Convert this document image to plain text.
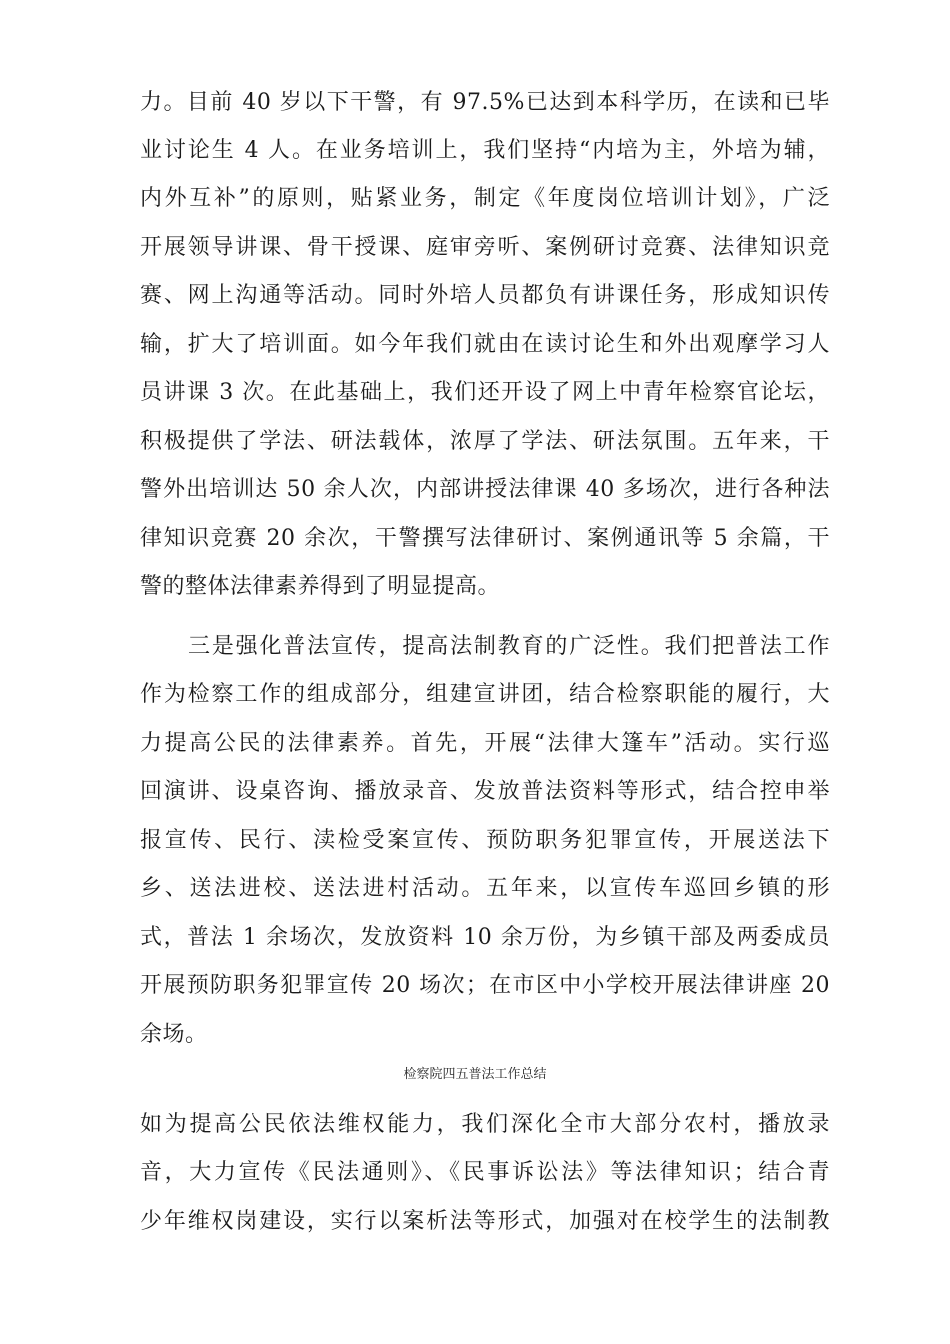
力。目前 40 岁以下干警，有 97.5%已达到本科学历，在读和已毕
业讨论生 4 人。在业务培训上，我们坚持“内培为主，外培为辅，
内外互补”的原则，贴紧业务，制定《年度岗位培训计划》，广泛
开展领导讲课、骨干授课、庭审旁听、案例研讨竞赛、法律知识竞
赛、网上沟通等活动。同时外培人员都负有讲课任务，形成知识传
输，扩大了培训面。如今年我们就由在读讨论生和外出观摩学习人
员讲课 3 次。在此基础上，我们还开设了网上中青年检察官论坛，
积极提供了学法、研法载体，浓厚了学法、研法氛围。五年来，干
警外出培训达 50 余人次，内部讲授法律课 40 多场次，进行各种法
律知识竞赛 20 余次，干警撰写法律研讨、案例通讯等 5 余篇，干
警的整体法律素养得到了明显提高。
三是强化普法宣传，提高法制教育的广泛性。我们把普法工作
作为检察工作的组成部分，组建宣讲团，结合检察职能的履行，大
力提高公民的法律素养。首先，开展“法律大篷车”活动。实行巡
回演讲、设桌咨询、播放录音、发放普法资料等形式，结合控申举
报宣传、民行、渎检受案宣传、预防职务犯罪宣传，开展送法下
乡、送法进校、送法进村活动。五年来，以宣传车巡回乡镇的形
式，普法 1 余场次，发放资料 10 余万份，为乡镇干部及两委成员
开展预防职务犯罪宣传 20 场次；在市区中小学校开展法律讲座 20
余场。
检察院四五普法工作总结
如为提高公民依法维权能力，我们深化全市大部分农村，播放录
音，大力宣传《民法通则》、《民事诉讼法》等法律知识；结合青
少年维权岗建设，实行以案析法等形式，加强对在校学生的法制教
